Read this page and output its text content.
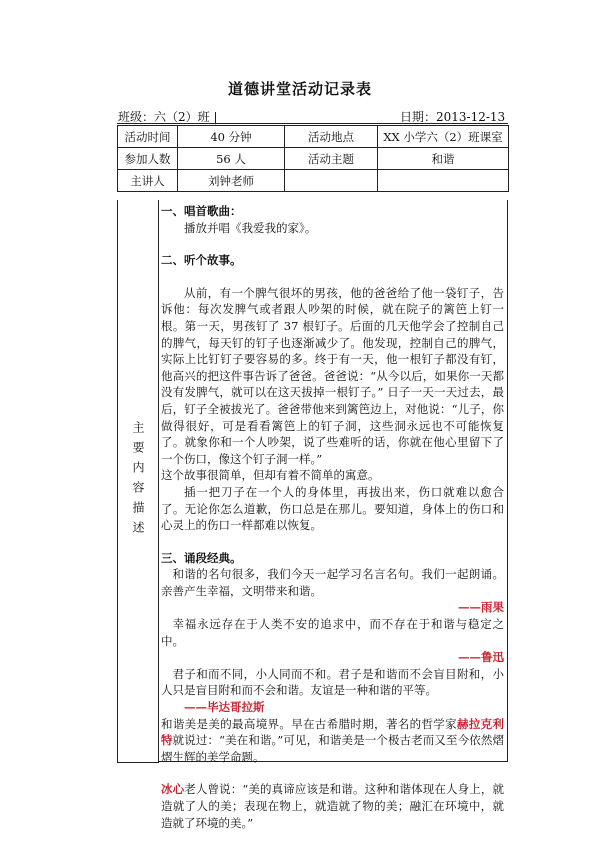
道德讲堂活动记录表
班级：六（2）班 |	日期：2013-12-13
活动时间	40 分钟	活动地点	XX 小学六（2）班课室
参加人数	56 人	活动主题	和谐
主讲人	刘钟老师		
主要内容描述

一、唱首歌曲：

播放并唱《我爱我的家》。

二、听个故事。

从前，有一个脾气很坏的男孩，他的爸爸给了他一袋钉子，告诉他：每次发脾气或者跟人吵架的时候，就在院子的篱笆上钉一根。第一天，男孩钉了 37 根钉子。后面的几天他学会了控制自己的脾气，每天钉的钉子也逐渐减少了。他发现，控制自己的脾气，实际上比钉钉子要容易的多。终于有一天，他一根钉子都没有钉，他高兴的把这件事告诉了爸爸。爸爸说：“从今以后，如果你一天都没有发脾气，就可以在这天拔掉一根钉子。” 日子一天一天过去，最后，钉子全被拔光了。爸爸带他来到篱笆边上，对他说：“儿子，你做得很好，可是看看篱笆上的钉子洞，这些洞永远也不可能恢复了。就象你和一个人吵架，说了些难听的话，你就在他心里留下了一个伤口，像这个钉子洞一样。”

这个故事很简单，但却有着不简单的寓意。

插一把刀子在一个人的身体里，再拔出来，伤口就难以愈合了。无论你怎么道歉，伤口总是在那儿。要知道，身体上的伤口和心灵上的伤口一样都难以恢复。

三、诵段经典。

和谐的名句很多，我们今天一起学习名言名句。我们一起朗诵。亲善产生幸福，文明带来和谐。

——雨果

幸福永远存在于人类不安的追求中，而不存在于和谐与稳定之中。

——鲁迅

君子和而不同，小人同而不和。君子是和谐而不会盲目附和，小人只是盲目附和而不会和谐。友谊是一种和谐的平等。

——毕达哥拉斯

和谐美是美的最高境界。早在古希腊时期，著名的哲学家赫拉克利特就说过：“美在和谐。”可见，和谐美是一个极古老而又至今依然熠熠生辉的美学命题。

冰心老人曾说：“美的真谛应该是和谐。这种和谐体现在人身上，就造就了人的美；表现在物上，就造就了物的美；融汇在环境中，就 造就了环境的美。”
